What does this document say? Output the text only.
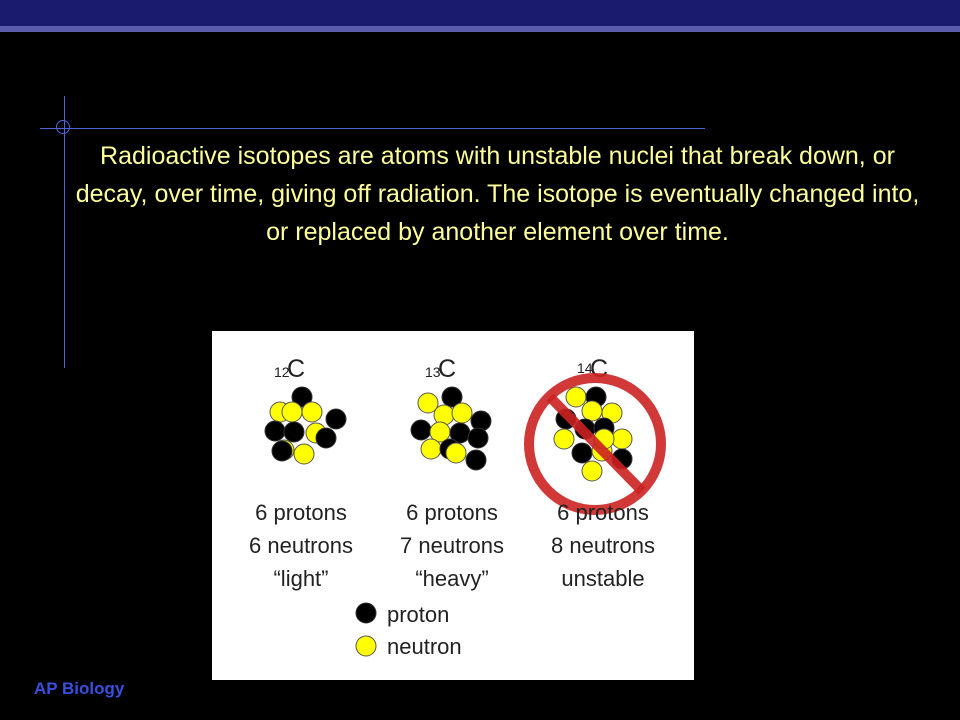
Radioactive isotopes are atoms with unstable nuclei that break down, or decay, over time, giving off radiation. The isotope is eventually changed into, or replaced by another element over time.

12
C
6 protons
6 neutrons
“light”
13
C
6 protons
7 neutrons
“heavy”
14
C
6 protons
8 neutrons
unstable
proton
neutron
AP Biology
